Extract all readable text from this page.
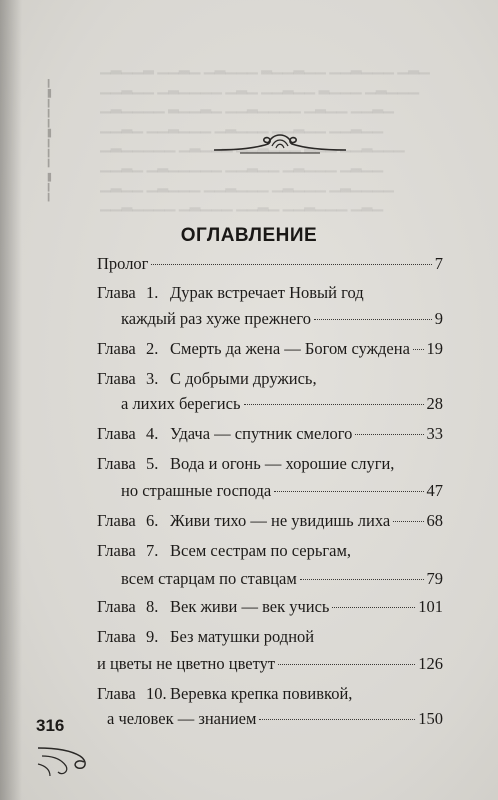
▁▂▁▁▂ ▁▁▂▁ ▁▂▁▁▁ ▂▁▁▂▁▁ ▁▁▂▁▁▁ ▁▂▁
▁▁▂▁▁ ▁▂▁▁▁▁ ▁▂▁ ▁▁▂▁▁ ▂▁▁▁ ▁▂▁▁▁
▁▂▁▁▁▁ ▂▁▁▂▁ ▁▁▂▁▁▁▁ ▁▂▁▁ ▁▁▂▁
▁▁▂▁ ▁▁▂▁▁▁ ▁▂▁▁▁ ▁▁▂▁▁ ▁▁▂▁▁
▁▂▁▁▁▁▁ ▁▂▁▁▂ ▁▁▂▁▁▁ ▂▁▁ ▁▁▂▁▁▁
▁▁▂▁ ▁▂▁▁▁▁▁ ▁▁▂▁▁ ▁▂▁▁▁ ▁▂▁▁
▁▂▁▁ ▁▂▁▁▁ ▁▁▂▁▁▁ ▁▂▁▁▁ ▁▂▁▁▁▁
▁▁▂▁▁▁▁ ▁▂▁▁▁ ▁▁▂▁ ▁▁▂▁▁▁ ▁▂▁
▁▂▁▁▁▂▁▁▁ ▂▁▁
ОГЛАВЛЕНИЕ
Пролог	7
Глава 1. Дурак встречает Новый год
каждый раз хуже прежнего	9
Глава 2. Смерть да жена — Богом суждена 19
Глава 3. С добрыми дружись,
а лихих берегись	28
Глава 4. Удача — спутник смелого	33
Глава 5. Вода и огонь — хорошие слуги,
но страшные господа	47
Глава 6. Живи тихо — не увидишь лиха 68
Глава 7. Всем сестрам по серьгам,
всем старцам по ставцам	79
Глава 8. Век живи — век учись	101
Глава 9. Без матушки родной
и цветы не цветно цветут	126
Глава 10. Веревка крепка повивкой,
а человек — знанием	150
316
